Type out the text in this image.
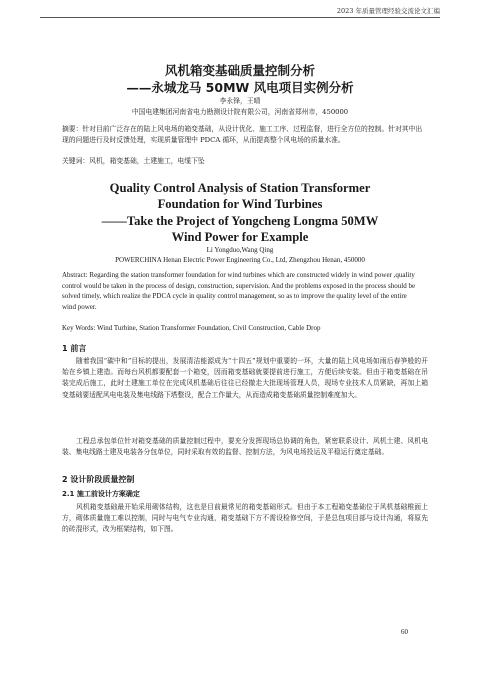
2023 年质量管理经验交流论文汇编
风机箱变基础质量控制分析
——永城龙马 50MW 风电项目实例分析
李永锋，王晴
中国电建集团河南省电力勘测设计院有限公司，河南省郑州市，450000
摘要：针对目前广泛存在的陆上风电场的箱变基础，从设计优化、施工工序、过程监督，进行全方位的控制。针对其中出现的问题进行及时反馈处理，实现质量管理中 PDCA 循环，从而提高整个风电场的质量水准。
关键词：风机，箱变基础，土建施工，电缆下坠
Quality Control Analysis of Station Transformer
Foundation for Wind Turbines
——Take the Project of Yongcheng Longma 50MW
Wind Power for Example
Li Yongduo,Wang Qing
POWERCHINA Henan Electric Power Engineering Co., Ltd, Zhengzhou Henan, 450000
Abstract: Regarding the station transformer foundation for wind turbines which are constructed widely in wind power ,quality control would be taken in the process of design, construction, supervision. And the problems exposed in the process should be solved timely, which realize the PDCA cycle in quality control management, so as to improve the quality level of the entire wind power.
Key Words: Wind Turbine, Station Transformer Foundation, Civil Construction, Cable Drop
1 前言
随着我国“碳中和”目标的提出，发展清洁能源成为“十四五”规划中重要的一环，大量的陆上风电场如雨后春笋般的开始在乡镇上建造。而每台风机都要配套一个箱变，因而箱变基础就要提前进行施工，方便后续安装。但由于箱变基础在吊装完成后施工，此时土建施工单位在完成风机基础后往往已经撤走大批现场管理人员，现场专业技术人员紧缺，再加上箱变基础要适配风电电装及集电线路下塔整设，配合工作量大，从而造成箱变基础质量控制难度加大。
工程总承包单位针对箱变基础的质量控制过程中，要充分发挥现场总协调的角色，紧密联系设计、风机土建、风机电装、集电线路土建及电装各分包单位，同时采取有效的监督、控制方法，为风电场投运及平稳运行奠定基础。
2 设计阶段质量控制
2.1 施工前设计方案确定
风机箱变基础最开始采用砌体结构，这也是目前最常见的箱变基础形式。但由于本工程箱变基础位于风机基础椎面上方，砌体质量施工难以控制，同时与电气专业沟通，箱变基础下方不需设检修空间，于是总包项目部与设计沟通，将原先的砖混形式，改为框架结构，如下图。
60
